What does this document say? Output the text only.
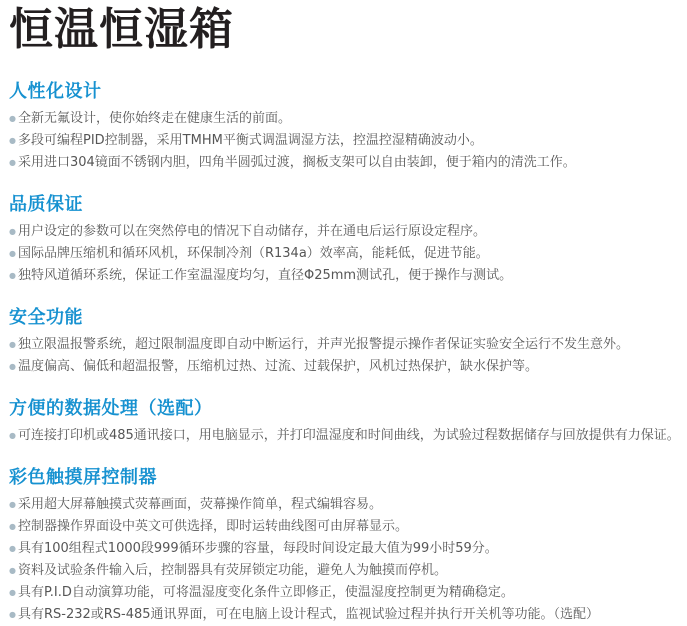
恒温恒湿箱
人性化设计
● 全新无氟设计，使你始终走在健康生活的前面。
● 多段可编程PID控制器，采用TMHM平衡式调温调湿方法，控温控湿精确波动小。
● 采用进口304镜面不锈钢内胆，四角半圆弧过渡，搁板支架可以自由装卸，便于箱内的清洗工作。
品质保证
● 用户设定的参数可以在突然停电的情况下自动储存，并在通电后运行原设定程序。
● 国际品牌压缩机和循环风机，环保制冷剂（R134a）效率高，能耗低，促进节能。
● 独特风道循环系统，保证工作室温湿度均匀，直径Φ25mm测试孔，便于操作与测试。
安全功能
● 独立限温报警系统，超过限制温度即自动中断运行，并声光报警提示操作者保证实验安全运行不发生意外。
● 温度偏高、偏低和超温报警，压缩机过热、过流、过载保护，风机过热保护，缺水保护等。
方便的数据处理（选配）
● 可连接打印机或485通讯接口，用电脑显示，并打印温湿度和时间曲线，为试验过程数据储存与回放提供有力保证。
彩色触摸屏控制器
● 采用超大屏幕触摸式荧幕画面，荧幕操作简单，程式编辑容易。
● 控制器操作界面设中英文可供选择，即时运转曲线图可由屏幕显示。
● 具有100组程式1000段999循环步骤的容量，每段时间设定最大值为99小时59分。
● 资料及试验条件输入后，控制器具有荧屏锁定功能，避免人为触摸而停机。
● 具有P.I.D自动演算功能，可将温湿度变化条件立即修正，使温湿度控制更为精确稳定。
● 具有RS-232或RS-485通讯界面，可在电脑上设计程式，监视试验过程并执行开关机等功能。（选配）
